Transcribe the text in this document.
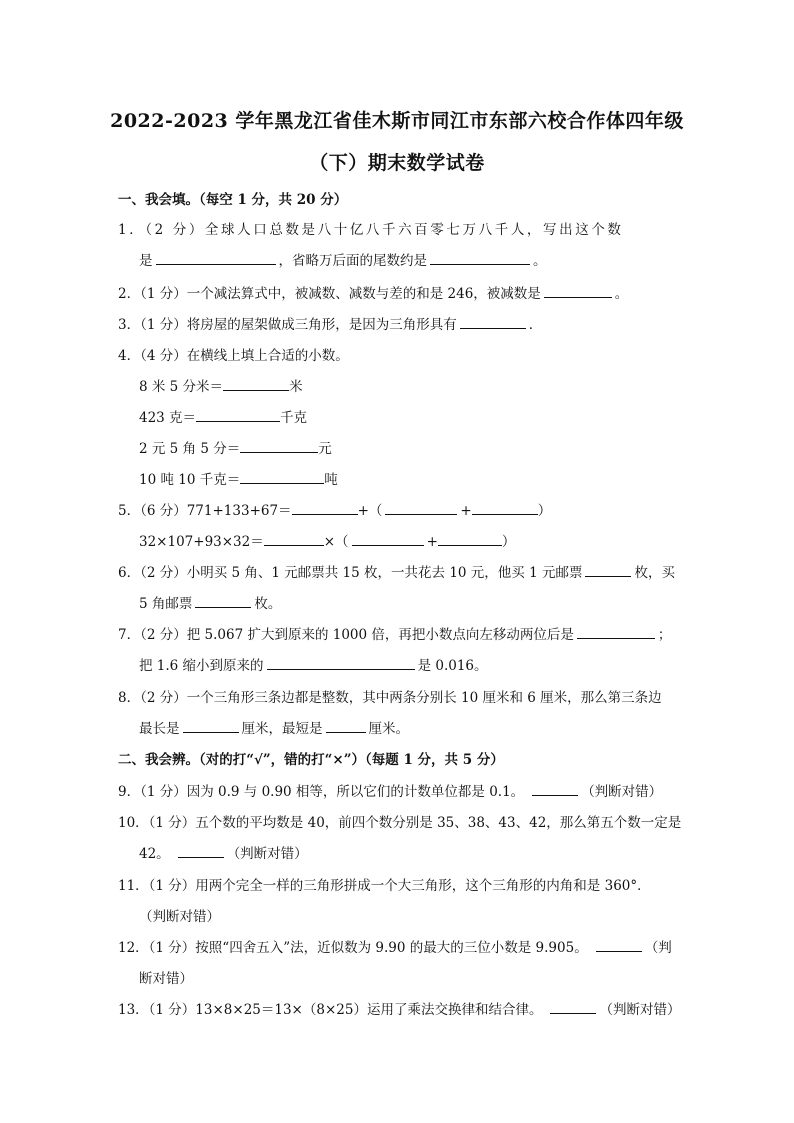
2022-2023 学年黑龙江省佳木斯市同江市东部六校合作体四年级
（下）期末数学试卷
一、我会填。（每空 1 分，共 20 分）
1．（2 分）全球人口总数是八十亿八千六百零七万八千人，写出这个数
是	，省略万后面的尾数约是	。
2．（1 分）一个减法算式中，被减数、减数与差的和是 246，被减数是	。
3．（1 分）将房屋的屋架做成三角形，是因为三角形具有	．
4．（4 分）在横线上填上合适的小数。
8 米 5 分米＝	米
423 克＝	千克
2 元 5 角 5 分＝	元
10 吨 10 千克＝	吨
5．（6 分）771+133+67＝	+（	+	）
32×107+93×32＝	×（	+	）
6．（2 分）小明买 5 角、1 元邮票共 15 枚，一共花去 10 元，他买 1 元邮票	枚，买
5 角邮票	枚。
7．（2 分）把 5.067 扩大到原来的 1000 倍，再把小数点向左移动两位后是	；
把 1.6 缩小到原来的	是 0.016。
8．（2 分）一个三角形三条边都是整数，其中两条分别长 10 厘米和 6 厘米，那么第三条边
最长是	厘米，最短是	厘米。
二、我会辨。（对的打“√”，错的打“×”）（每题 1 分，共 5 分）
9．（1 分）因为 0.9 与 0.90 相等，所以它们的计数单位都是 0.1。	（判断对错）
10．（1 分）五个数的平均数是 40，前四个数分别是 35、38、43、42，那么第五个数一定是
42。	（判断对错）
11．（1 分）用两个完全一样的三角形拼成一个大三角形，这个三角形的内角和是 360°．
（判断对错）
12．（1 分）按照“四舍五入”法，近似数为 9.90 的最大的三位小数是 9.905。	（判
断对错）
13．（1 分）13×8×25＝13×（8×25）运用了乘法交换律和结合律。	（判断对错）
